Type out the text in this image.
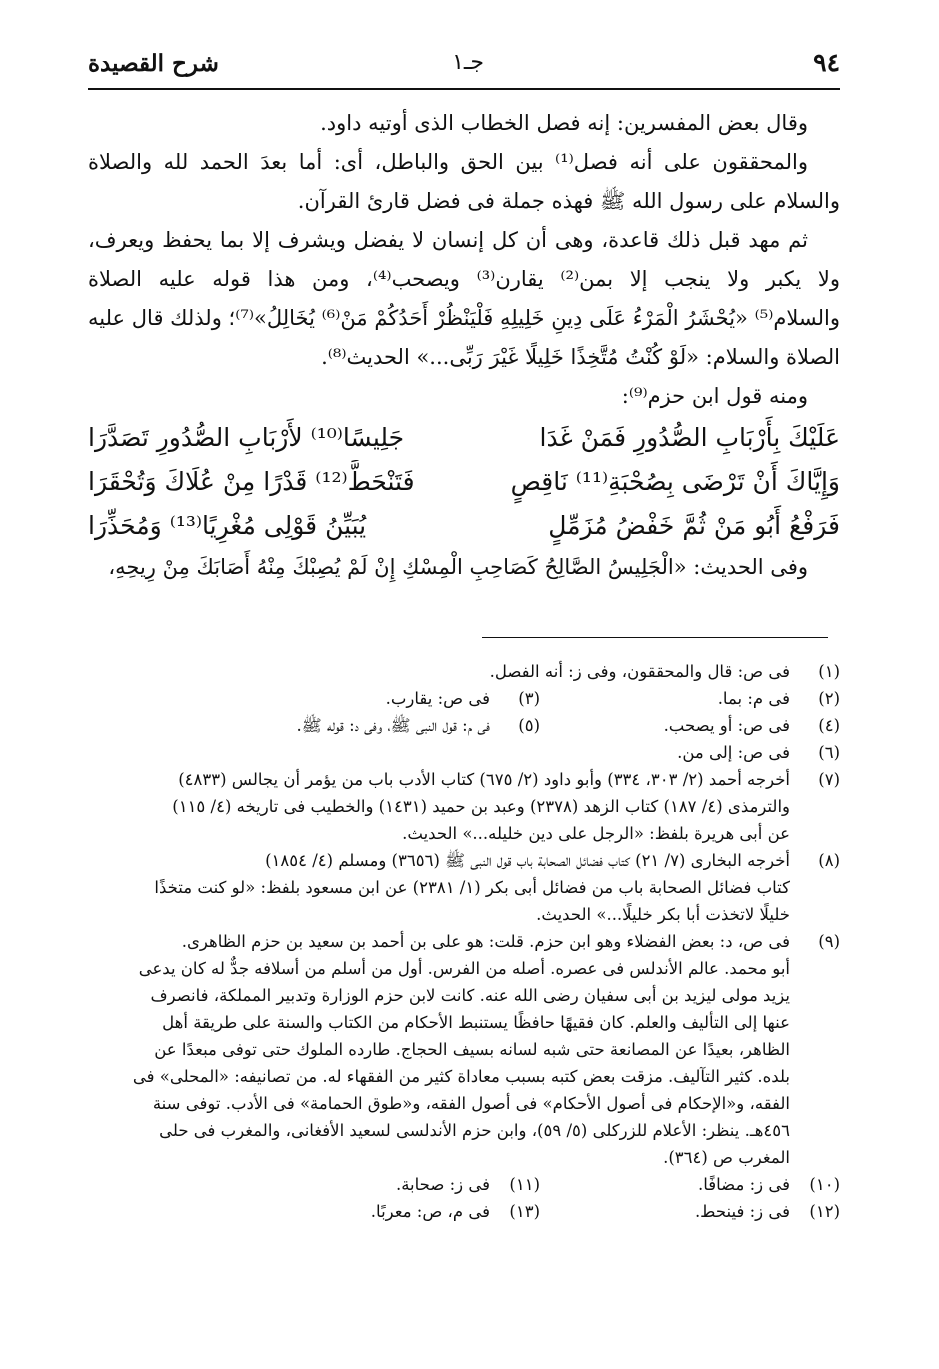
٩٤
جـ١
شرح القصيدة
وقال بعض المفسرين: إنه فصل الخطاب الذى أوتيه داود.
والمحققون على أنه فصل⁽¹⁾ بين الحق والباطل، أى: أما بعدَ الحمد لله والصلاة
والسلام على رسول الله ﷺ فهذه جملة فى فضل قارئ القرآن.
ثم مهد قبل ذلك قاعدة، وهى أن كل إنسان لا يفضل ويشرف إلا بما يحفظ ويعرف،
ولا يكبر ولا ينجب إلا بمن⁽²⁾ يقارن⁽³⁾ ويصحب⁽⁴⁾، ومن هذا قوله عليه الصلاة
والسلام⁽⁵⁾ «يُحْشَرُ الْمَرْءُ عَلَى دِينِ خَلِيلِهِ فَلْيَنْظُرْ أَحَدُكُمْ مَنْ⁽⁶⁾ يُخَالِلُ»⁽⁷⁾؛ ولذلك قال عليه
الصلاة والسلام: «لَوْ كُنْتُ مُتَّخِذًا خَلِيلًا غَيْرَ رَبِّى...» الحديث⁽⁸⁾.
ومنه قول ابن حزم⁽⁹⁾:
عَلَيْكَ بِأَرْبَابِ الصُّدُورِ فَمَنْ غَدَا
جَلِيسًا⁽¹⁰⁾ لأَرْبَابِ الصُّدُورِ تَصَدَّرَا
وَإِيَّاكَ أَنْ تَرْضَى بِصُحْبَةِ⁽¹¹⁾ نَاقِصٍ
فَتَنْحَطَّ⁽¹²⁾ قَدْرًا مِنْ عُلَاكَ وَتُحْقَرَا
فَرَفْعُ أَبُو مَنْ ثُمَّ خَفْضُ مُزَمِّلٍ
يُبَيِّنُ قَوْلِى مُغْرِيًا⁽¹³⁾ وَمُحَذِّرَا
وفى الحديث: «الْجَلِيسُ الصَّالِحُ كَصَاحِبِ الْمِسْكِ إِنْ لَمْ يُصِبْكَ مِنْهُ أَصَابَكَ مِنْ رِيحِهِ،
(١)
فى ص: قال والمحققون، وفى ز: أنه الفصل.
(٢)
فى م: بما.
(٣)
فى ص: يقارب.
(٤)
فى ص: أو يصحب.
(٥)
فى م: قول النبى ﷺ، وفى د: قوله ﷺ.
(٦)
فى ص: إلى من.
(٧)
أخرجه أحمد (٢/ ٣٠٣، ٣٣٤) وأبو داود (٢/ ٦٧٥) كتاب الأدب باب من يؤمر أن يجالس (٤٨٣٣)
والترمذى (٤/ ١٨٧) كتاب الزهد (٢٣٧٨) وعبد بن حميد (١٤٣١) والخطيب فى تاريخه (٤/ ١١٥)
عن أبى هريرة بلفظ: «الرجل على دين خليله...» الحديث.
(٨)
أخرجه البخارى (٧/ ٢١) كتاب فضائل الصحابة باب قول النبى ﷺ (٣٦٥٦) ومسلم (٤/ ١٨٥٤)
كتاب فضائل الصحابة باب من فضائل أبى بكر (١/ ٢٣٨١) عن ابن مسعود بلفظ: «لو كنت متخذًا
خليلًا لاتخذت أبا بكر خليلًا...» الحديث.
(٩)
فى ص، د: بعض الفضلاء وهو ابن حزم. قلت: هو على بن أحمد بن سعيد بن حزم الظاهرى.
أبو محمد. عالم الأندلس فى عصره. أصله من الفرس. أول من أسلم من أسلافه جدٌّ له كان يدعى
يزيد مولى ليزيد بن أبى سفيان رضى الله عنه. كانت لابن حزم الوزارة وتدبير المملكة، فانصرف
عنها إلى التأليف والعلم. كان فقيهًا حافظًا يستنبط الأحكام من الكتاب والسنة على طريقة أهل
الظاهر، بعيدًا عن المصانعة حتى شبه لسانه بسيف الحجاج. طارده الملوك حتى توفى مبعدًا عن
بلده. كثير التآليف. مزقت بعض كتبه بسبب معاداة كثير من الفقهاء له. من تصانيفه: «المحلى» فى
الفقه، و«الإحكام فى أصول الأحكام» فى أصول الفقه، و«طوق الحمامة» فى الأدب. توفى سنة
٤٥٦هـ. ينظر: الأعلام للزركلى (٥/ ٥٩)، وابن حزم الأندلسى لسعيد الأفغانى، والمغرب فى حلى
المغرب ص (٣٦٤).
(١٠)
فى ز: مضافًا.
(١١)
فى ز: صحابة.
(١٢)
فى ز: فينحط.
(١٣)
فى م، ص: معربًا.
